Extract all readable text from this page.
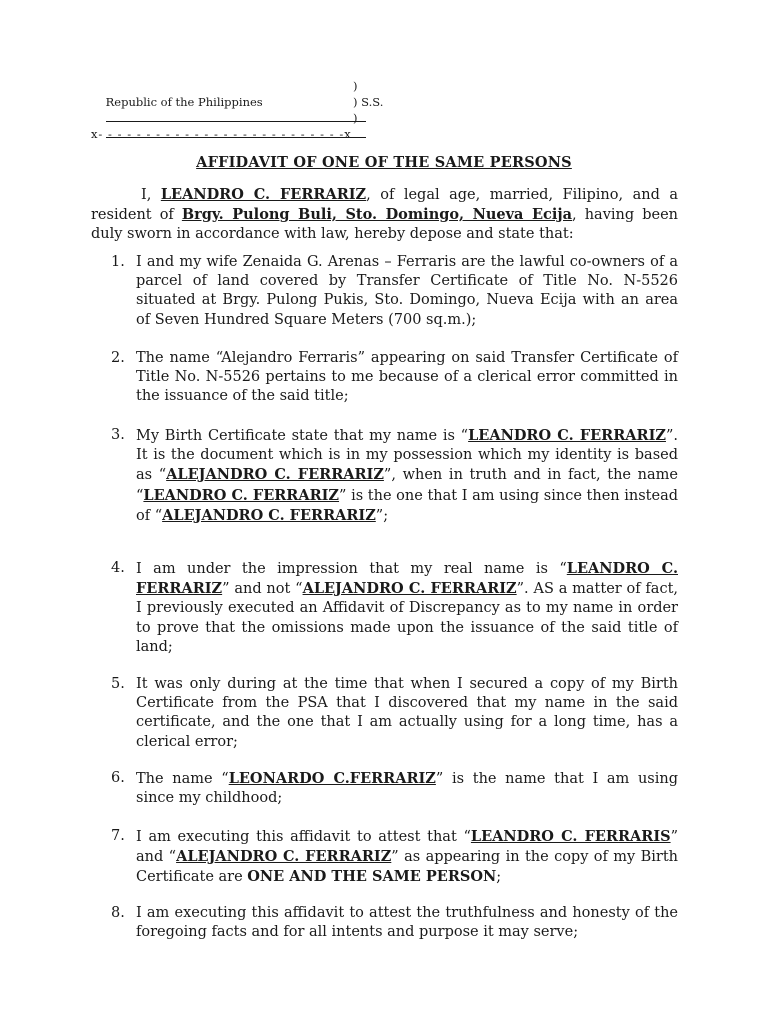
Republic of the Philippines

)

) S.S.

)

x- - - - - - - - - - - - - - - - - - - - - - - - - -x
AFFIDAVIT OF ONE OF THE SAME PERSONS

I, LEANDRO C. FERRARIZ, of legal age, married, Filipino, and a resident of Brgy. Pulong Buli, Sto. Domingo, Nueva Ecija, having been duly sworn in accordance with law, hereby depose and state that:

1. I and my wife Zenaida G. Arenas – Ferraris are the lawful co-owners of a parcel of land covered by Transfer Certificate of Title No. N-5526 situated at Brgy. Pulong Pukis, Sto. Domingo, Nueva Ecija with an area of Seven Hundred Square Meters (700 sq.m.);
2. The name “Alejandro Ferraris” appearing on said Transfer Certificate of Title No. N-5526 pertains to me because of a clerical error committed in the issuance of the said title;
3. My Birth Certificate state that my name is “LEANDRO C. FERRARIZ”. It is the document which is in my possession which my identity is based as “ALEJANDRO C. FERRARIZ”, when in truth and in fact, the name “LEANDRO C. FERRARIZ” is the one that I am using since then instead of “ALEJANDRO C. FERRARIZ”;
4. I am under the impression that my real name is “LEANDRO C. FERRARIZ” and not “ALEJANDRO C. FERRARIZ”. AS a matter of fact, I previously executed an Affidavit of Discrepancy as to my name in order to prove that the omissions made upon the issuance of the said title of land;
5. It was only during at the time that when I secured a copy of my Birth Certificate from the PSA that I discovered that my name in the said certificate, and the one that I am actually using for a long time, has a clerical error;
6. The name “LEONARDO C.FERRARIZ” is the name that I am using since my childhood;
7. I am executing this affidavit to attest that “LEANDRO C. FERRARIS” and “ALEJANDRO C. FERRARIZ” as appearing in the copy of my Birth Certificate are ONE AND THE SAME PERSON;
8. I am executing this affidavit to attest the truthfulness and honesty of the foregoing facts and for all intents and purpose it may serve;
